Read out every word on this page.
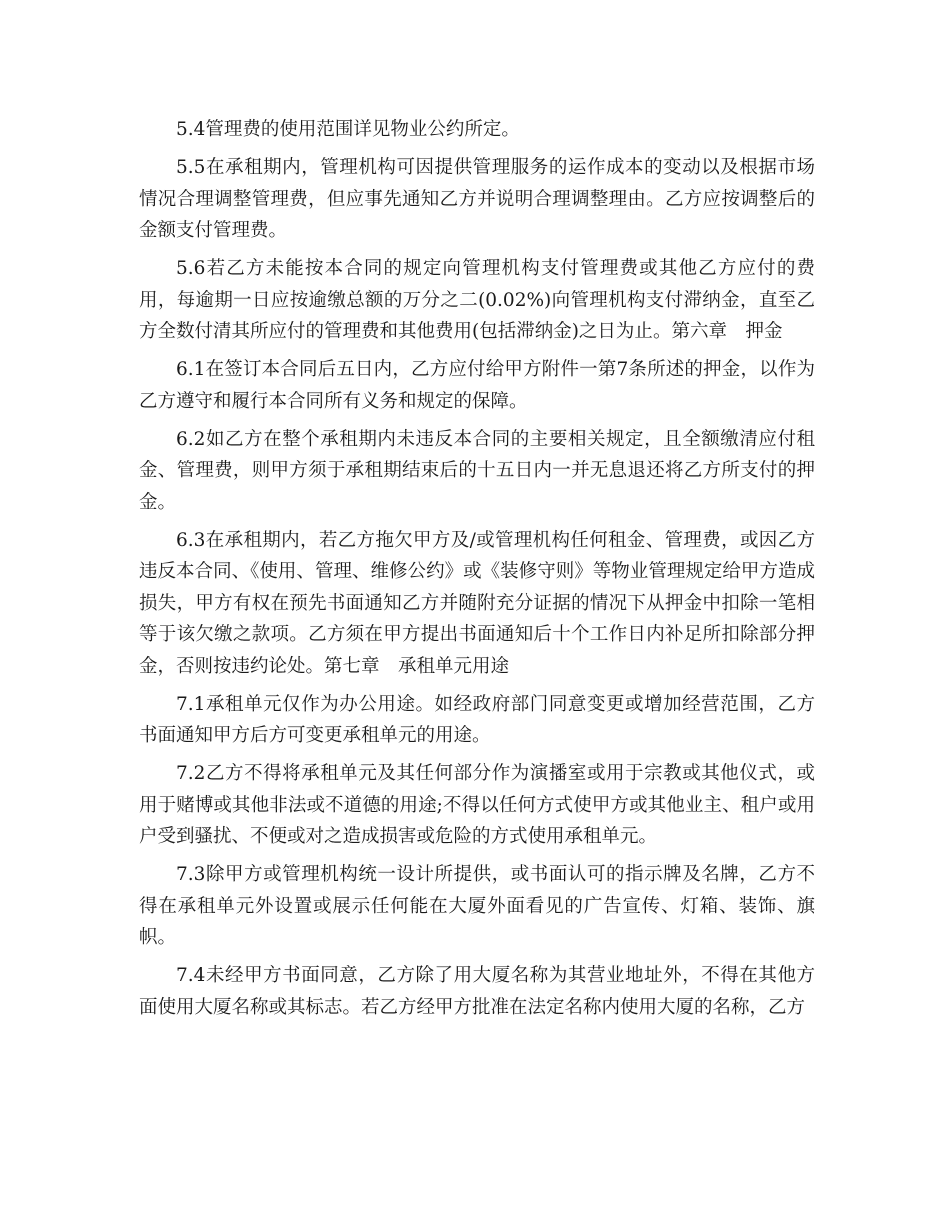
5.4管理费的使用范围详见物业公约所定。

5.5在承租期内，管理机构可因提供管理服务的运作成本的变动以及根据市场情况合理调整管理费，但应事先通知乙方并说明合理调整理由。乙方应按调整后的金额支付管理费。

5.6若乙方未能按本合同的规定向管理机构支付管理费或其他乙方应付的费用，每逾期一日应按逾缴总额的万分之二(0.02%)向管理机构支付滞纳金，直至乙方全数付清其所应付的管理费和其他费用(包括滞纳金)之日为止。第六章　押金

6.1在签订本合同后五日内，乙方应付给甲方附件一第7条所述的押金，以作为乙方遵守和履行本合同所有义务和规定的保障。

6.2如乙方在整个承租期内未违反本合同的主要相关规定，且全额缴清应付租金、管理费，则甲方须于承租期结束后的十五日内一并无息退还将乙方所支付的押金。

6.3在承租期内，若乙方拖欠甲方及/或管理机构任何租金、管理费，或因乙方违反本合同、《使用、管理、维修公约》或《装修守则》等物业管理规定给甲方造成损失，甲方有权在预先书面通知乙方并随附充分证据的情况下从押金中扣除一笔相等于该欠缴之款项。乙方须在甲方提出书面通知后十个工作日内补足所扣除部分押金，否则按违约论处。第七章　承租单元用途

7.1承租单元仅作为办公用途。如经政府部门同意变更或增加经营范围，乙方书面通知甲方后方可变更承租单元的用途。

7.2乙方不得将承租单元及其任何部分作为演播室或用于宗教或其他仪式，或用于赌博或其他非法或不道德的用途;不得以任何方式使甲方或其他业主、租户或用户受到骚扰、不便或对之造成损害或危险的方式使用承租单元。

7.3除甲方或管理机构统一设计所提供，或书面认可的指示牌及名牌，乙方不得在承租单元外设置或展示任何能在大厦外面看见的广告宣传、灯箱、装饰、旗帜。

7.4未经甲方书面同意，乙方除了用大厦名称为其营业地址外，不得在其他方面使用大厦名称或其标志。若乙方经甲方批准在法定名称内使用大厦的名称，乙方
